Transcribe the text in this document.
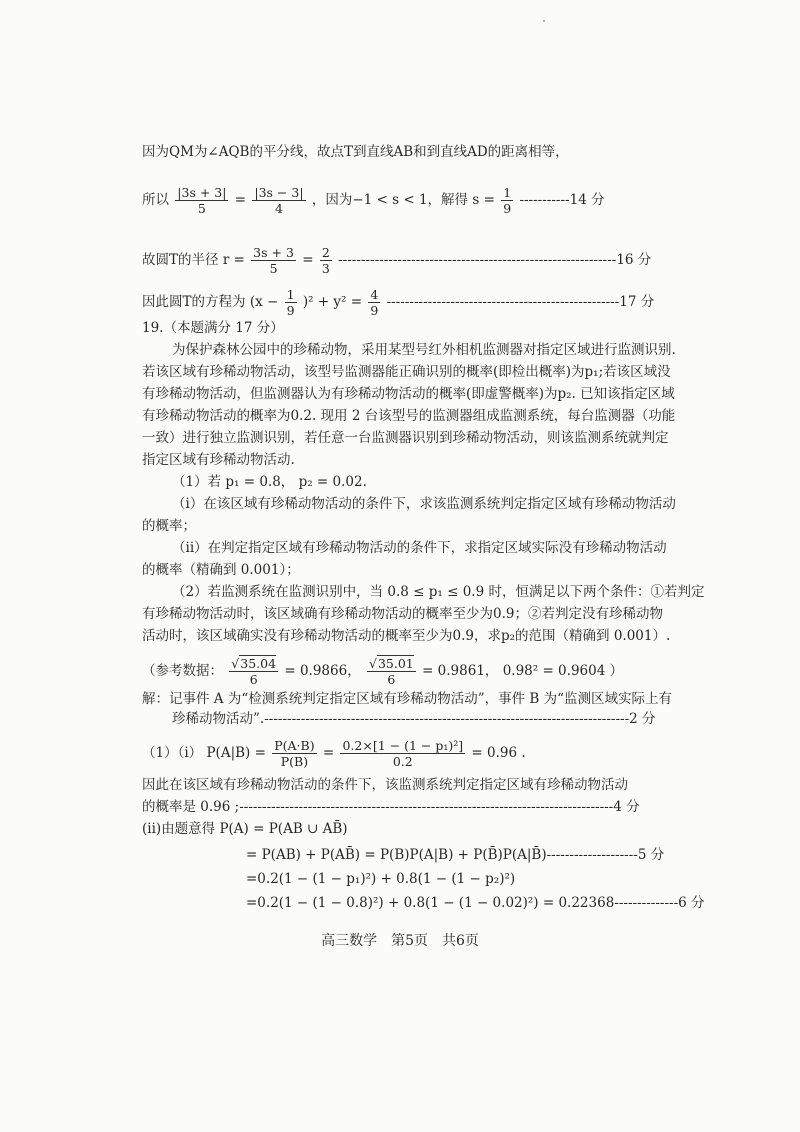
因为QM为∠AQB的平分线，故点T到直线AB和到直线AD的距离相等，
所以 $\frac{|3s + 3|}{5} = \frac{|3s - 3|}{4}$ ，因为−1 < s < 1，解得 $s = \frac{1}{9} -----------14$ 分
故圆T的半径 $r = \frac{3s + 3}{5} = \frac{2}{3} -------------------------------------------------------------16$ 分
因此圆T的方程为 $(x - \frac{1}{9} )^2 + y^2 = \frac{4}{9} ---------------------------------------------------17$ 分
19.（本题满分 17 分）
为保护森林公园中的珍稀动物，采用某型号红外相机监测器对指定区域进行监测识别.
若该区域有珍稀动物活动，该型号监测器能正确识别的概率(即检出概率)为p₁;若该区域没
有珍稀动物活动，但监测器认为有珍稀动物活动的概率(即虚警概率)为p₂. 已知该指定区域
有珍稀动物活动的概率为0.2. 现用 2 台该型号的监测器组成监测系统，每台监测器（功能
一致）进行独立监测识别，若任意一台监测器识别到珍稀动物活动，则该监测系统就判定
指定区域有珍稀动物活动.
（1）若 p₁ = 0.8， p₂ = 0.02.
（i）在该区域有珍稀动物活动的条件下，求该监测系统判定指定区域有珍稀动物活动
的概率；
（ii）在判定指定区域有珍稀动物活动的条件下，求指定区域实际没有珍稀动物活动
的概率（精确到 0.001）；
（2）若监测系统在监测识别中，当 0.8 ≤ p₁ ≤ 0.9 时，恒满足以下两个条件：①若判定
有珍稀动物活动时，该区域确有珍稀动物活动的概率至少为0.9；②若判定没有珍稀动物
活动时，该区域确实没有珍稀动物活动的概率至少为0.9，求p₂的范围（精确到 0.001）.
（参考数据： $\frac{√35.04}{6} = 0.9866$， $\frac{√35.01}{6} = 0.9861$， 0.98² = 0.9604 ）
解：记事件 A 为“检测系统判定指定区域有珍稀动物活动”，事件 B 为“监测区域实际上有
珍稀动物活动”.--------------------------------------------------------------------------------2 分
（1）（i） $P(A|B) = \frac{P(A\cdot B)}{P(B)} = \frac{\text{0.2×[1 − (1 − p₁)²]}}{0.2} = 0.96$ .
因此在该区域有珍稀动物活动的条件下，该监测系统判定指定区域有珍稀动物活动
的概率是 0.96 ;----------------------------------------------------------------------------------4 分
(ii)由题意得 P(A) = P(AB ∪ AB̄)
= P(AB) + P(AB̄) = P(B)P(A|B) + P(B̄)P(A|B̄)--------------------5 分
=0.2(1 − (1 − p₁)²) + 0.8(1 − (1 − p₂)²)
=0.2(1 − (1 − 0.8)²) + 0.8(1 − (1 − 0.02)²) = 0.22368--------------6 分
高三数学　第5页　共6页
